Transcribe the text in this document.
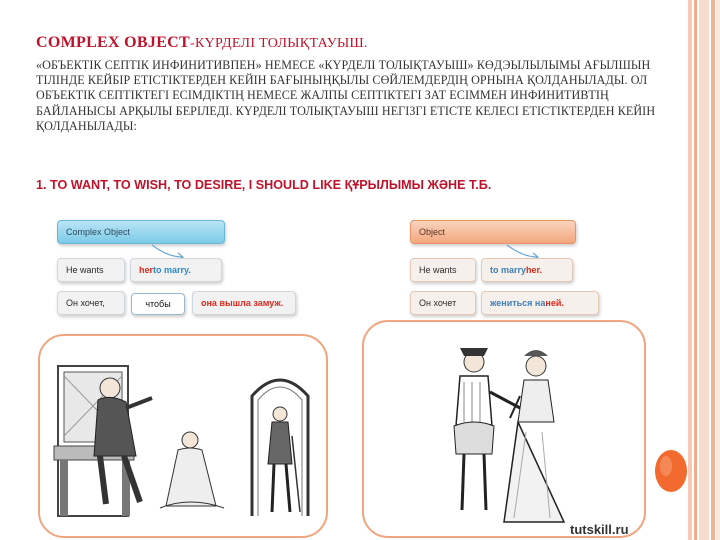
COMPLEX OBJECT-КҮРДЕЛІ ТОЛЫҚТАУЫШ.
«ОБЪЕКТІК СЕПТІК ИНФИНИТИВПЕН» НЕМЕСЕ «КҮРДЕЛІ ТОЛЫҚТАУЫШ» КӨДЭЫЛЫЛЫМЫ АҒЫЛШЫН ТІЛІНДЕ КЕЙБІР ЕТІСТІКТЕРДЕН КЕЙІН БАҒЫНЫҢҚЫЛЫ СӨЙЛЕМДЕРДІҢ ОРНЫНА ҚОЛДАНЫЛАДЫ. ОЛ ОБЪЕКТІК СЕПТІКТЕГІ ЕСІМДІКТІҢ НЕМЕСЕ ЖАЛПЫ СЕПТІКТЕГІ ЗАТ ЕСІММЕН ИНФИНИТИВТІҢ БАЙЛАНЫСЫ АРҚЫЛЫ БЕРІЛЕДІ. КҮРДЕЛІ ТОЛЫҚТАУЫШ НЕГІЗГІ ЕТІСТЕ КЕЛЕСІ ЕТІСТІКТЕРДЕН КЕЙІН ҚОЛДАНЫЛАДЫ:
1. TO WANT, TO WISH, TO DESIRE, I SHOULD LIKE ҚҰРЫЛЫМЫ ЖӘНЕ Т.Б.
Complex Object
He wants	her to marry.
Он хочет,	чтобы	она вышла замуж.
Object
He wants	to marry her.
Он хочет	жениться на ней.
tutskill.ru
